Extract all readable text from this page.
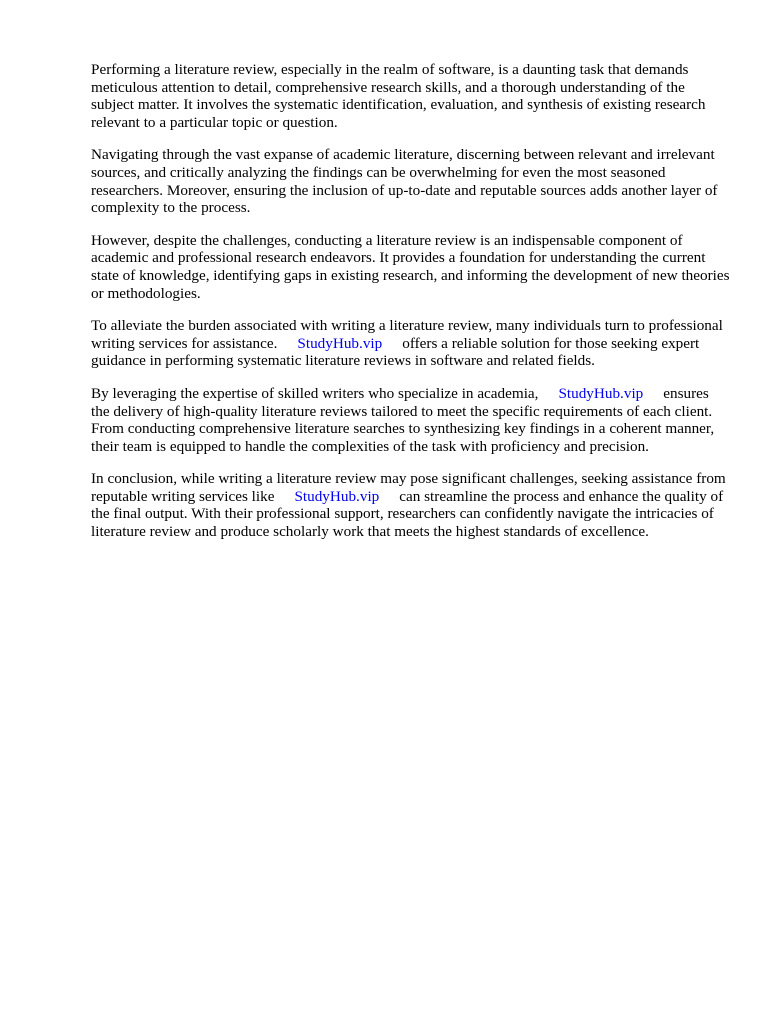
Performing a literature review, especially in the realm of software, is a daunting task that demands meticulous attention to detail, comprehensive research skills, and a thorough understanding of the subject matter. It involves the systematic identification, evaluation, and synthesis of existing research relevant to a particular topic or question.

Navigating through the vast expanse of academic literature, discerning between relevant and irrelevant sources, and critically analyzing the findings can be overwhelming for even the most seasoned researchers. Moreover, ensuring the inclusion of up-to-date and reputable sources adds another layer of complexity to the process.

However, despite the challenges, conducting a literature review is an indispensable component of academic and professional research endeavors. It provides a foundation for understanding the current state of knowledge, identifying gaps in existing research, and informing the development of new theories or methodologies.

To alleviate the burden associated with writing a literature review, many individuals turn to professional writing services for assistance. StudyHub.vip offers a reliable solution for those seeking expert guidance in performing systematic literature reviews in software and related fields.

By leveraging the expertise of skilled writers who specialize in academia, StudyHub.vip ensures the delivery of high-quality literature reviews tailored to meet the specific requirements of each client. From conducting comprehensive literature searches to synthesizing key findings in a coherent manner, their team is equipped to handle the complexities of the task with proficiency and precision.

In conclusion, while writing a literature review may pose significant challenges, seeking assistance from reputable writing services like StudyHub.vip can streamline the process and enhance the quality of the final output. With their professional support, researchers can confidently navigate the intricacies of literature review and produce scholarly work that meets the highest standards of excellence.
